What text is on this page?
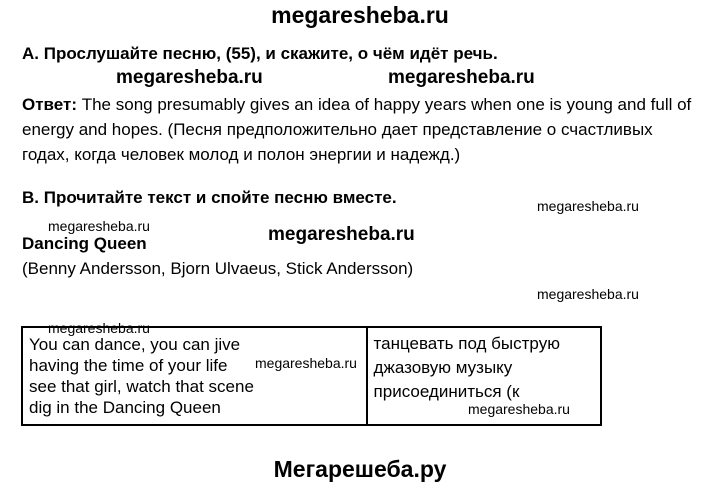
megaresheba.ru
А. Прослушайте песню, (55), и скажите, о чём идёт речь.
megaresheba.ru	megaresheba.ru
Ответ: The song presumably gives an idea of happy years when one is young and full of energy and hopes. (Песня предположительно дает представление о счастливых годах, когда человек молод и полон энергии и надежд.)
В. Прочитайте текст и спойте песню вместе.	megaresheba.ru
megaresheba.ru	megaresheba.ru
Dancing Queen
(Benny Andersson, Bjorn Ulvaeus, Stick Andersson)
megaresheba.ru
You can dance, you can jive
having the time of your life
see that girl, watch that scene
dig in the Dancing Queen

танцевать под быструю
джазовую музыку
присоединиться (к
megaresheba.ru
megaresheba.ru
megaresheba.ru
Мегарешеба.ру
